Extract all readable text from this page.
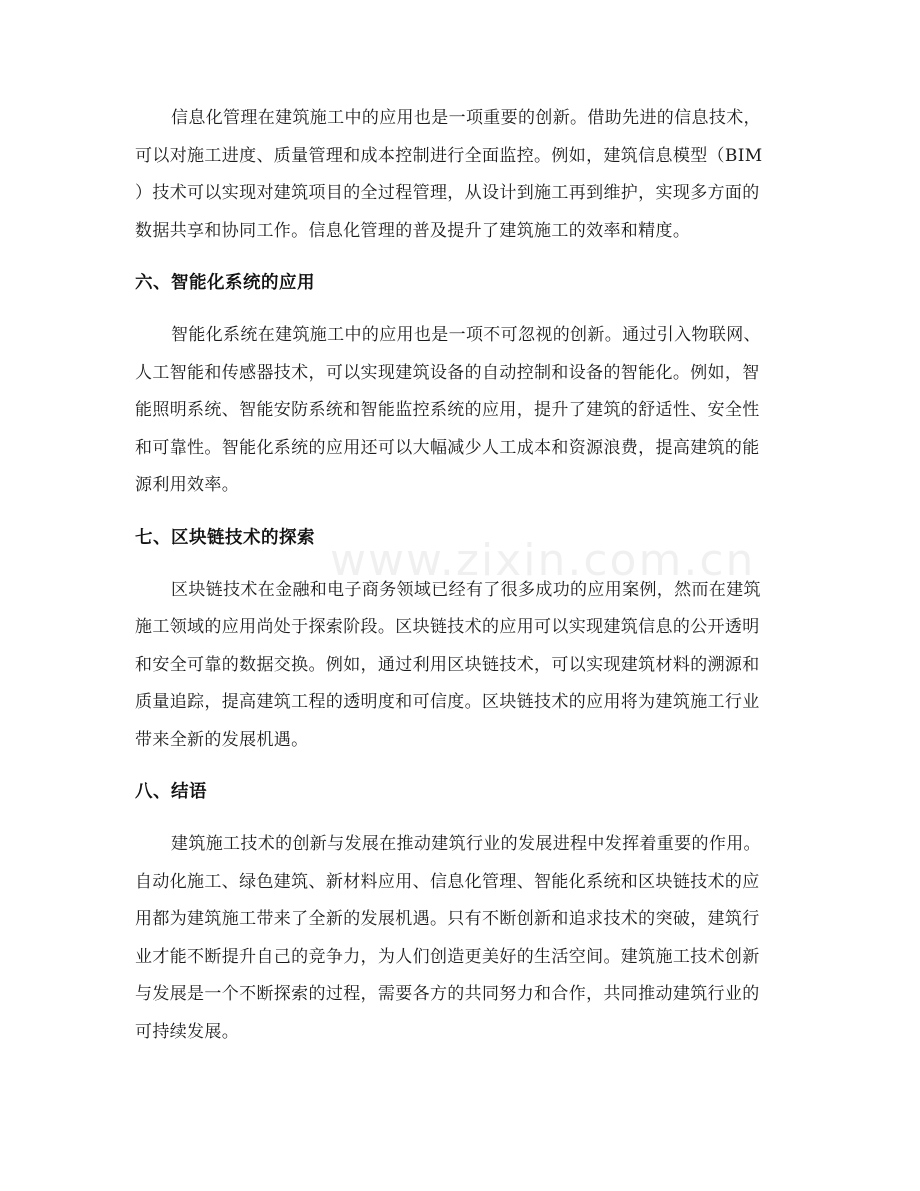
www.zixin.com.cn

信息化管理在建筑施工中的应用也是一项重要的创新。借助先进的信息技术，
可以对施工进度、质量管理和成本控制进行全面监控。例如，建筑信息模型（BIM
）技术可以实现对建筑项目的全过程管理，从设计到施工再到维护，实现多方面的
数据共享和协同工作。信息化管理的普及提升了建筑施工的效率和精度。

六、智能化系统的应用

智能化系统在建筑施工中的应用也是一项不可忽视的创新。通过引入物联网、
人工智能和传感器技术，可以实现建筑设备的自动控制和设备的智能化。例如，智
能照明系统、智能安防系统和智能监控系统的应用，提升了建筑的舒适性、安全性
和可靠性。智能化系统的应用还可以大幅减少人工成本和资源浪费，提高建筑的能
源利用效率。

七、区块链技术的探索

区块链技术在金融和电子商务领域已经有了很多成功的应用案例，然而在建筑
施工领域的应用尚处于探索阶段。区块链技术的应用可以实现建筑信息的公开透明
和安全可靠的数据交换。例如，通过利用区块链技术，可以实现建筑材料的溯源和
质量追踪，提高建筑工程的透明度和可信度。区块链技术的应用将为建筑施工行业
带来全新的发展机遇。

八、结语

建筑施工技术的创新与发展在推动建筑行业的发展进程中发挥着重要的作用。
自动化施工、绿色建筑、新材料应用、信息化管理、智能化系统和区块链技术的应
用都为建筑施工带来了全新的发展机遇。只有不断创新和追求技术的突破，建筑行
业才能不断提升自己的竞争力，为人们创造更美好的生活空间。建筑施工技术创新
与发展是一个不断探索的过程，需要各方的共同努力和合作，共同推动建筑行业的
可持续发展。
